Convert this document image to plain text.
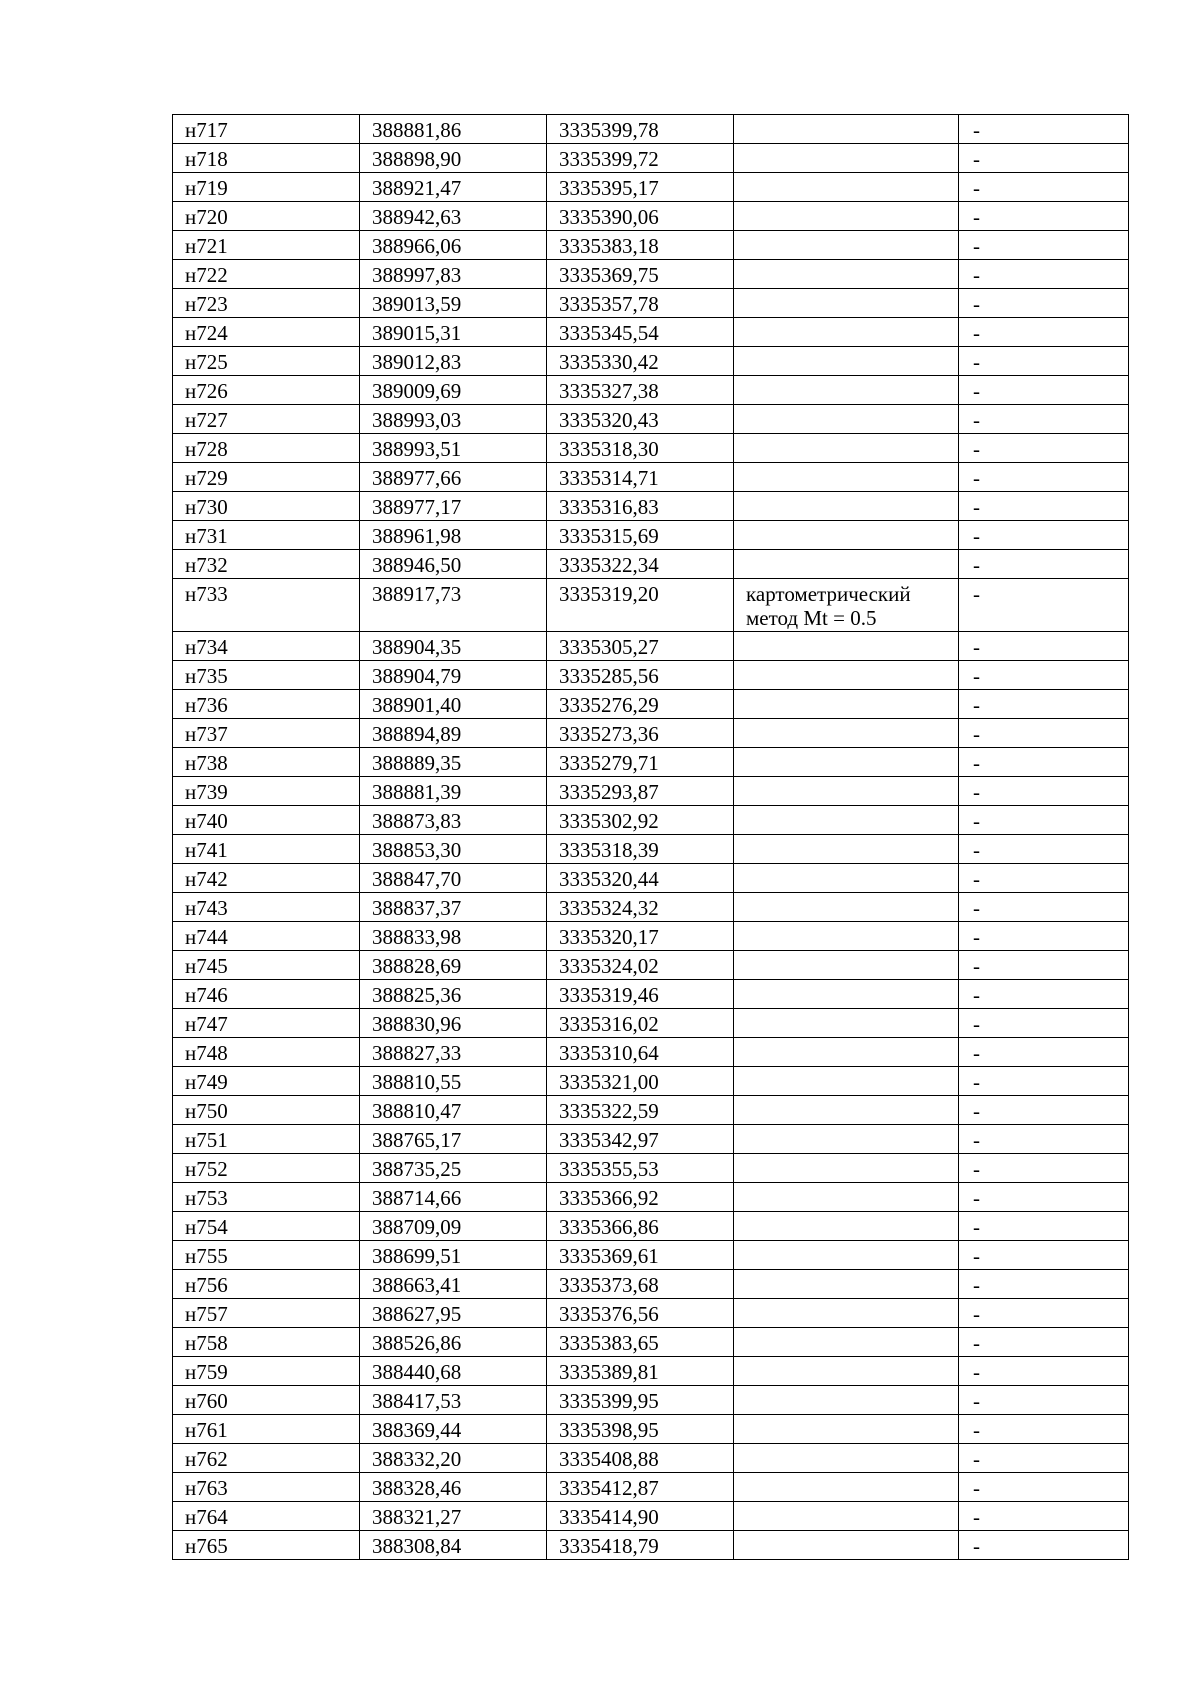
н717	388881,86	3335399,78		-
н718	388898,90	3335399,72		-
н719	388921,47	3335395,17		-
н720	388942,63	3335390,06		-
н721	388966,06	3335383,18		-
н722	388997,83	3335369,75		-
н723	389013,59	3335357,78		-
н724	389015,31	3335345,54		-
н725	389012,83	3335330,42		-
н726	389009,69	3335327,38		-
н727	388993,03	3335320,43		-
н728	388993,51	3335318,30		-
н729	388977,66	3335314,71		-
н730	388977,17	3335316,83		-
н731	388961,98	3335315,69		-
н732	388946,50	3335322,34		-
н733	388917,73	3335319,20	картометрический метод Mt = 0.5	-
н734	388904,35	3335305,27		-
н735	388904,79	3335285,56		-
н736	388901,40	3335276,29		-
н737	388894,89	3335273,36		-
н738	388889,35	3335279,71		-
н739	388881,39	3335293,87		-
н740	388873,83	3335302,92		-
н741	388853,30	3335318,39		-
н742	388847,70	3335320,44		-
н743	388837,37	3335324,32		-
н744	388833,98	3335320,17		-
н745	388828,69	3335324,02		-
н746	388825,36	3335319,46		-
н747	388830,96	3335316,02		-
н748	388827,33	3335310,64		-
н749	388810,55	3335321,00		-
н750	388810,47	3335322,59		-
н751	388765,17	3335342,97		-
н752	388735,25	3335355,53		-
н753	388714,66	3335366,92		-
н754	388709,09	3335366,86		-
н755	388699,51	3335369,61		-
н756	388663,41	3335373,68		-
н757	388627,95	3335376,56		-
н758	388526,86	3335383,65		-
н759	388440,68	3335389,81		-
н760	388417,53	3335399,95		-
н761	388369,44	3335398,95		-
н762	388332,20	3335408,88		-
н763	388328,46	3335412,87		-
н764	388321,27	3335414,90		-
н765	388308,84	3335418,79		-
